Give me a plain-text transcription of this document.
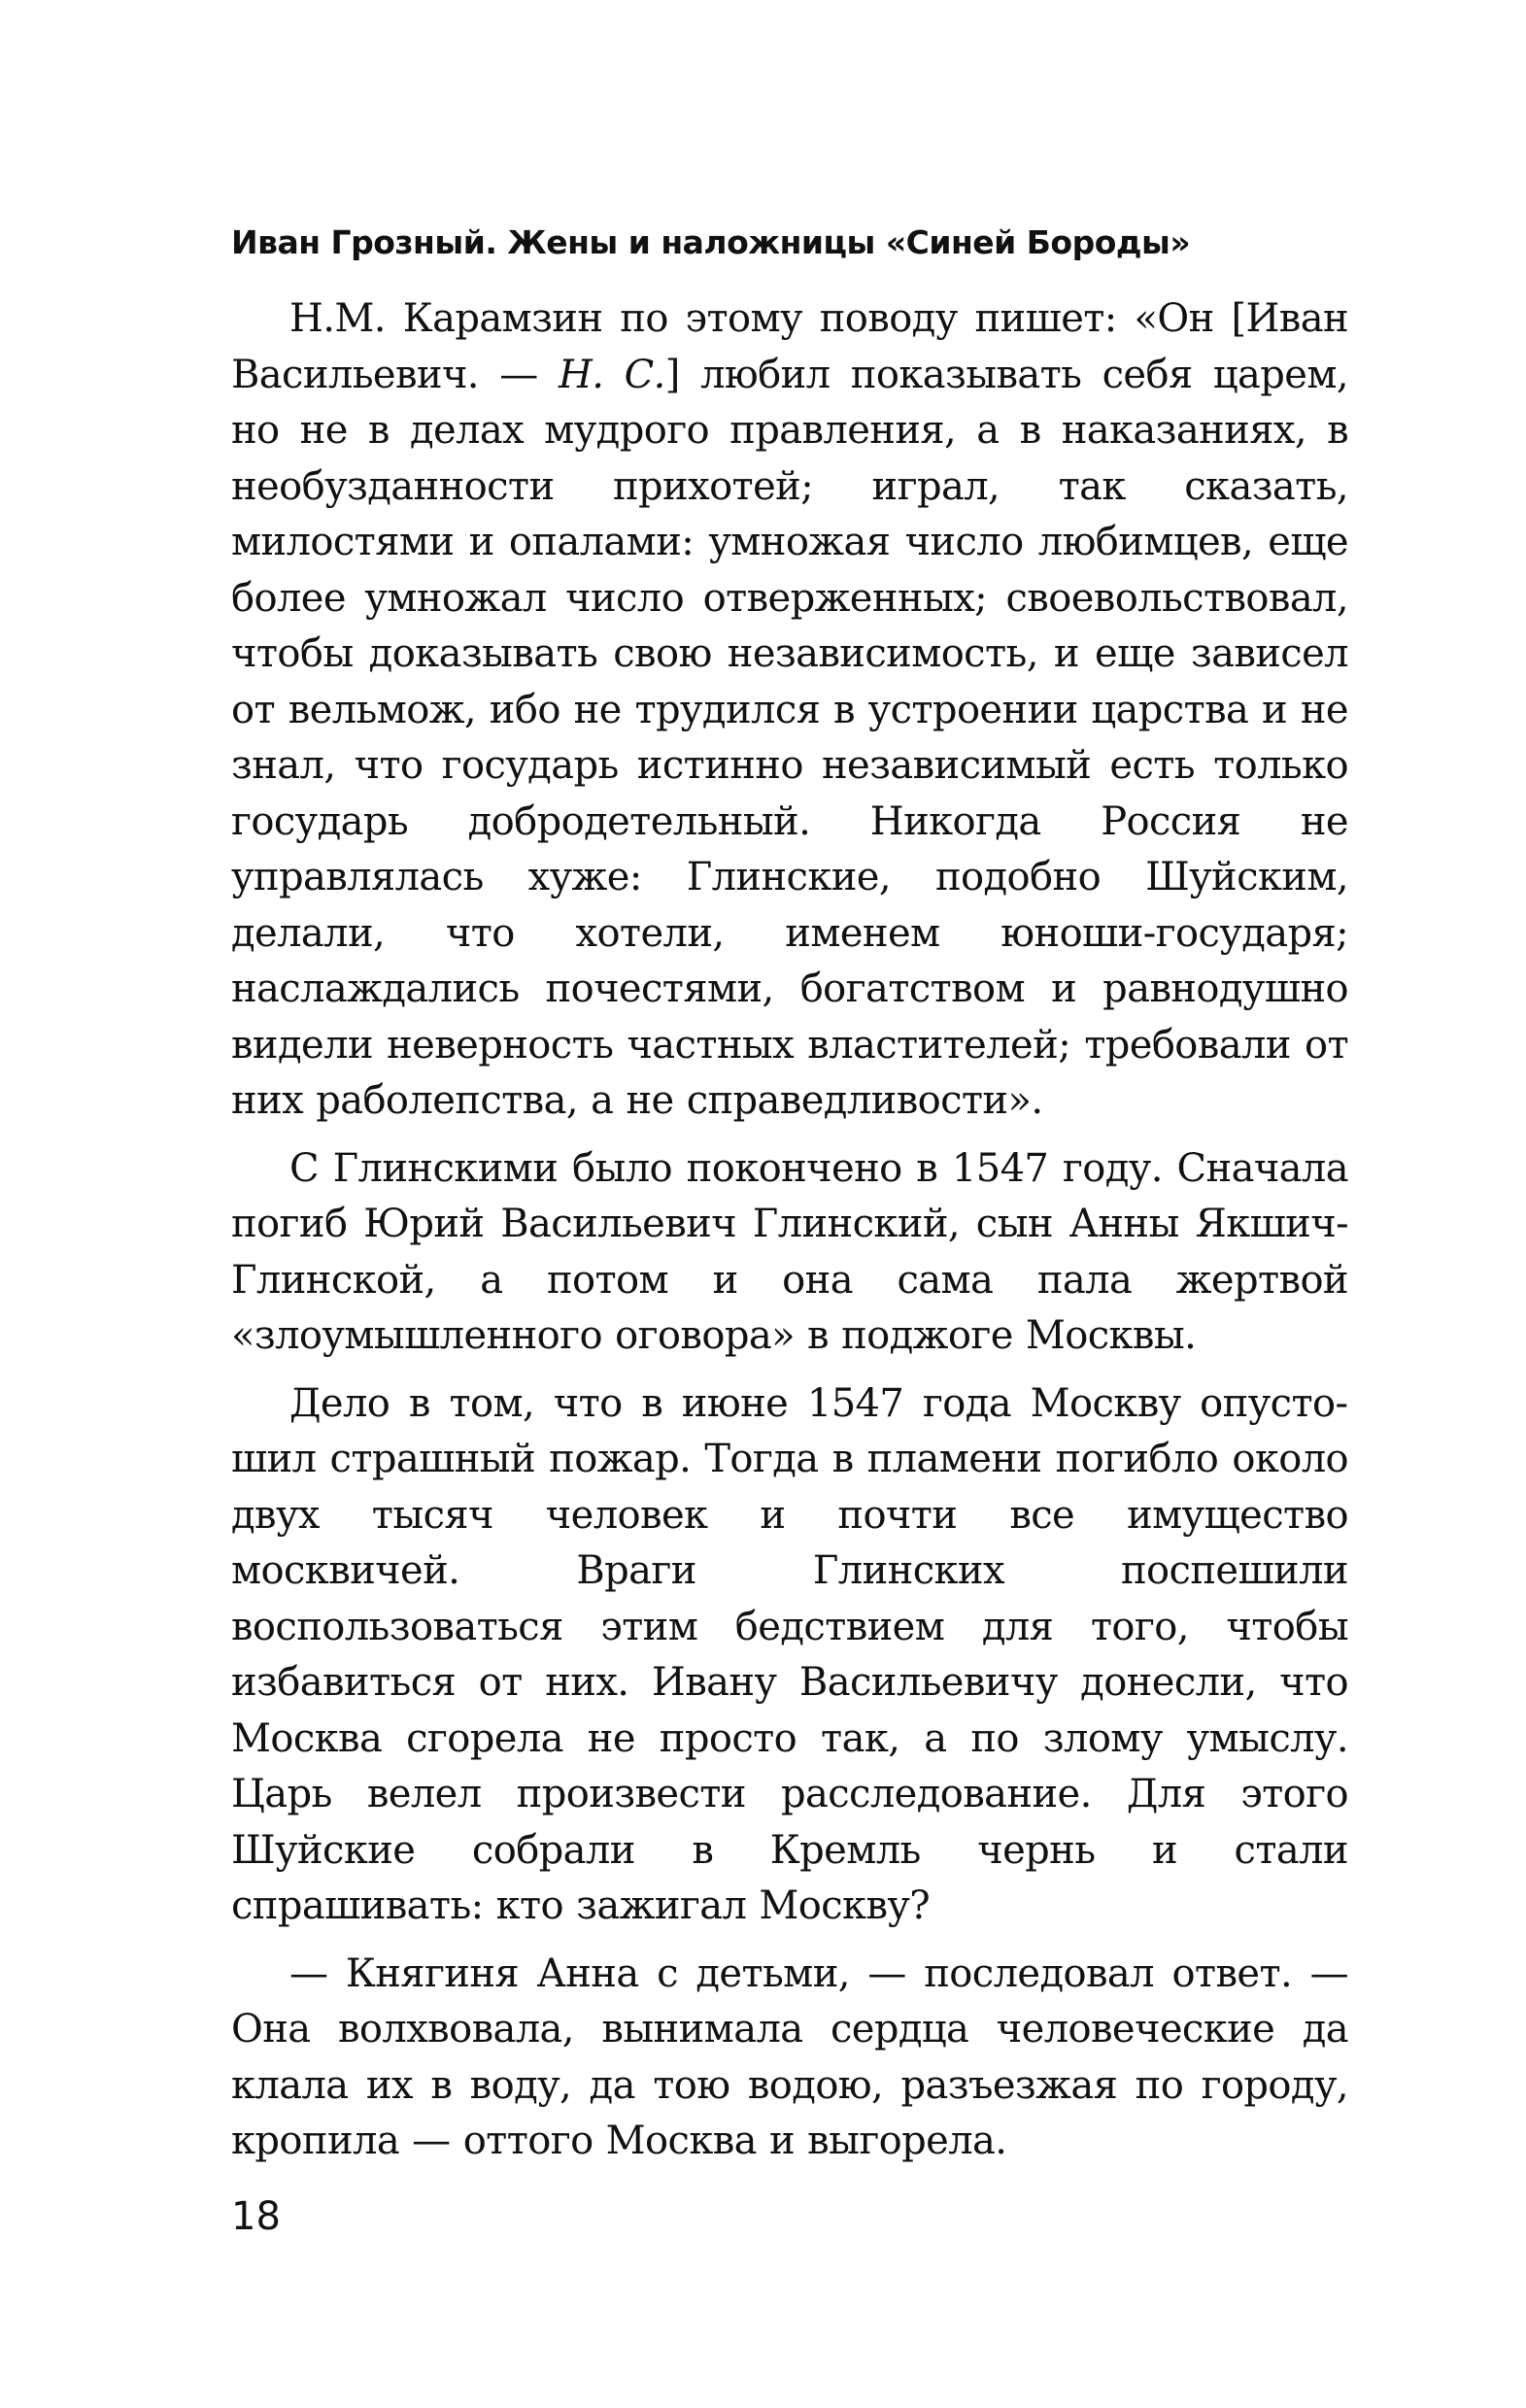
Иван Грозный. Жены и наложницы «Синей Бороды»

Н.М. Карамзин по этому поводу пишет: «Он [Иван Васильевич. — Н. С.] любил показывать себя царем, но не в делах мудрого правления, а в наказаниях, в необузданности прихотей; играл, так сказать, милостями и опалами: умножая число любимцев, еще более умножал число отверженных; своевольствовал, чтобы доказывать свою независимость, и еще зависел от вельмож, ибо не трудился в устроении царства и не знал, что государь истинно независимый есть только государь добродетельный. Никогда Россия не управлялась хуже: Глинские, подобно Шуйским, делали, что хотели, именем юноши-государя; наслаждались почестями, богатством и равнодушно видели неверность частных властителей; требовали от них раболепства, а не справедливости».

С Глинскими было покончено в 1547 году. Сначала погиб Юрий Васильевич Глинский, сын Анны Якшич-Глинской, а потом и она сама пала жертвой «злоумышленного оговора» в поджоге Москвы.

Дело в том, что в июне 1547 года Москву опустошил страшный пожар. Тогда в пламени погибло около двух тысяч человек и почти все имущество москвичей. Враги Глинских поспешили воспользоваться этим бедствием для того, чтобы избавиться от них. Ивану Васильевичу донесли, что Москва сгорела не просто так, а по злому умыслу. Царь велел произвести расследование. Для этого Шуйские собрали в Кремль чернь и стали спрашивать: кто зажигал Москву?

— Княгиня Анна с детьми, — последовал ответ. — Она волхвовала, вынимала сердца человеческие да клала их в воду, да тою водою, разъезжая по городу, кропила — оттого Москва и выгорела.

18
